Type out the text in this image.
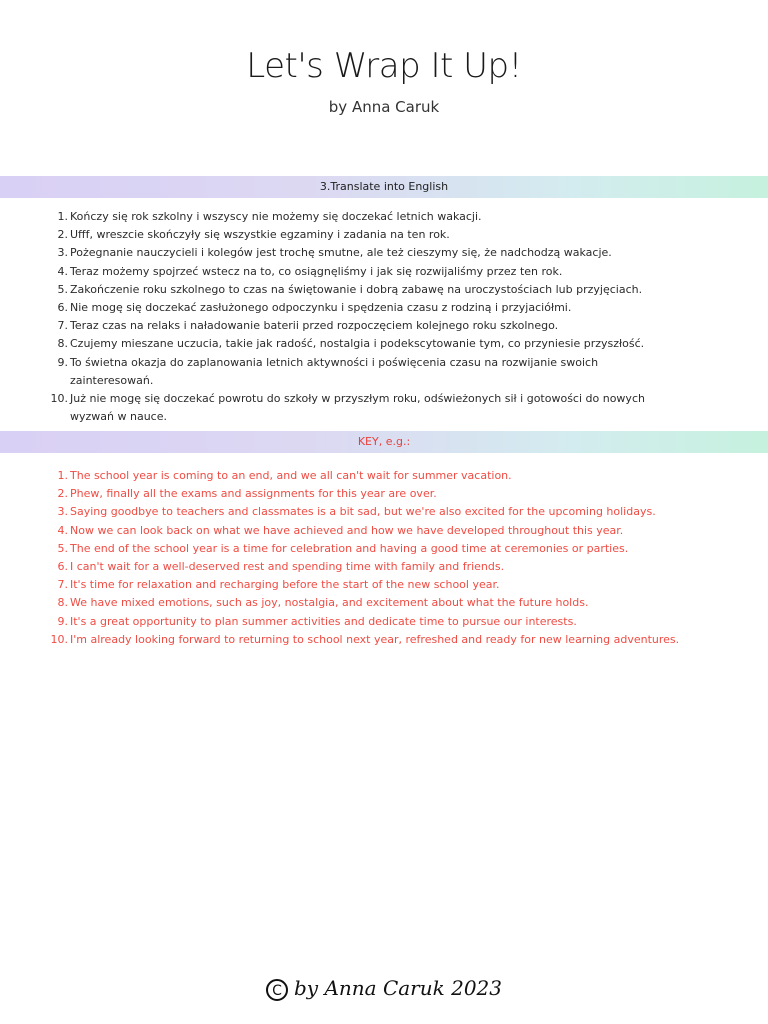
Let's Wrap It Up!
by Anna Caruk
3.Translate into English
1. Kończy się rok szkolny i wszyscy nie możemy się doczekać letnich wakacji.
2. Ufff, wreszcie skończyły się wszystkie egzaminy i zadania na ten rok.
3. Pożegnanie nauczycieli i kolegów jest trochę smutne, ale też cieszymy się, że nadchodzą wakacje.
4. Teraz możemy spojrzeć wstecz na to, co osiągnęliśmy i jak się rozwijaliśmy przez ten rok.
5. Zakończenie roku szkolnego to czas na świętowanie i dobrą zabawę na uroczystościach lub przyjęciach.
6. Nie mogę się doczekać zasłużonego odpoczynku i spędzenia czasu z rodziną i przyjaciółmi.
7. Teraz czas na relaks i naładowanie baterii przed rozpoczęciem kolejnego roku szkolnego.
8. Czujemy mieszane uczucia, takie jak radość, nostalgia i podekscytowanie tym, co przyniesie przyszłość.
9. To świetna okazja do zaplanowania letnich aktywności i poświęcenia czasu na rozwijanie swoich zainteresowań.
10. Już nie mogę się doczekać powrotu do szkoły w przyszłym roku, odświeżonych sił i gotowości do nowych wyzwań w nauce.
KEY, e.g.:
1. The school year is coming to an end, and we all can't wait for summer vacation.
2. Phew, finally all the exams and assignments for this year are over.
3. Saying goodbye to teachers and classmates is a bit sad, but we're also excited for the upcoming holidays.
4. Now we can look back on what we have achieved and how we have developed throughout this year.
5. The end of the school year is a time for celebration and having a good time at ceremonies or parties.
6. I can't wait for a well-deserved rest and spending time with family and friends.
7. It's time for relaxation and recharging before the start of the new school year.
8. We have mixed emotions, such as joy, nostalgia, and excitement about what the future holds.
9. It's a great opportunity to plan summer activities and dedicate time to pursue our interests.
10. I'm already looking forward to returning to school next year, refreshed and ready for new learning adventures.
C by Anna Caruk 2023
